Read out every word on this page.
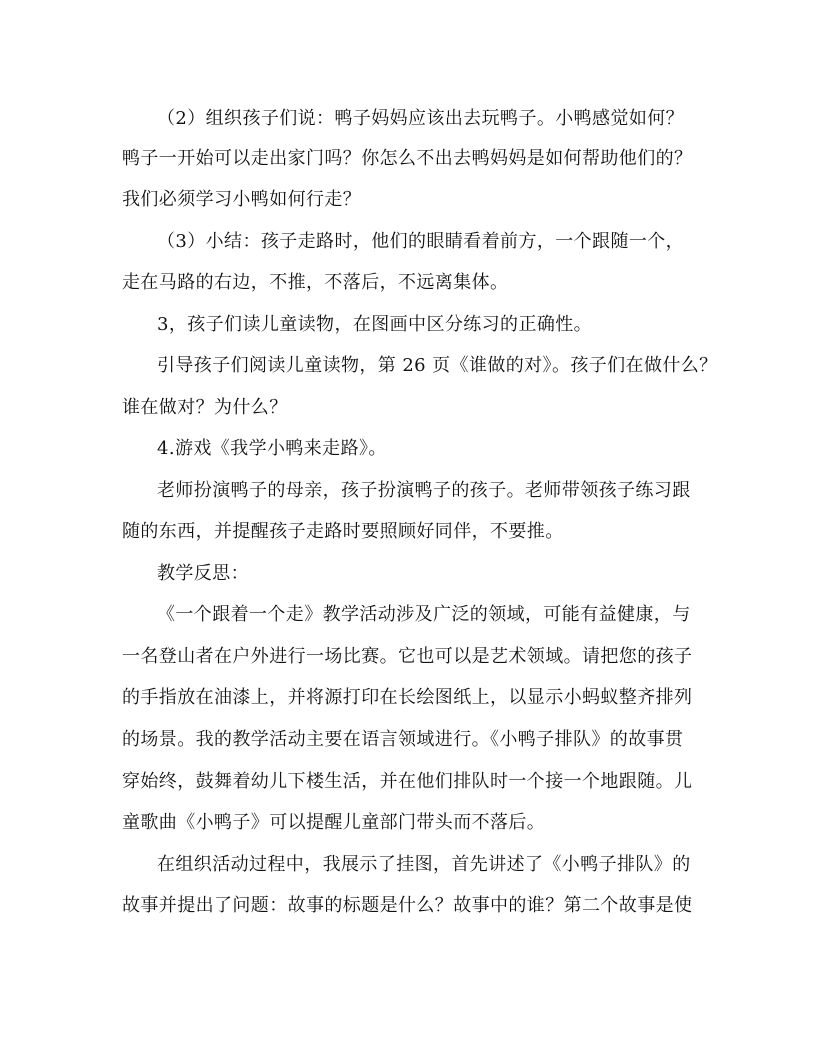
（2）组织孩子们说：鸭子妈妈应该出去玩鸭子。小鸭感觉如何？
鸭子一开始可以走出家门吗？你怎么不出去鸭妈妈是如何帮助他们的？
我们必须学习小鸭如何行走？
（3）小结：孩子走路时，他们的眼睛看着前方，一个跟随一个，
走在马路的右边，不推，不落后，不远离集体。
3，孩子们读儿童读物，在图画中区分练习的正确性。
引导孩子们阅读儿童读物，第 26 页《谁做的对》。孩子们在做什么？
谁在做对？为什么？
4.游戏《我学小鸭来走路》。
老师扮演鸭子的母亲，孩子扮演鸭子的孩子。老师带领孩子练习跟
随的东西，并提醒孩子走路时要照顾好同伴，不要推。
教学反思：
《一个跟着一个走》教学活动涉及广泛的领域，可能有益健康，与
一名登山者在户外进行一场比赛。它也可以是艺术领域。请把您的孩子
的手指放在油漆上，并将源打印在长绘图纸上，以显示小蚂蚁整齐排列
的场景。我的教学活动主要在语言领域进行。《小鸭子排队》的故事贯
穿始终，鼓舞着幼儿下楼生活，并在他们排队时一个接一个地跟随。儿
童歌曲《小鸭子》可以提醒儿童部门带头而不落后。
在组织活动过程中，我展示了挂图，首先讲述了《小鸭子排队》的
故事并提出了问题：故事的标题是什么？故事中的谁？第二个故事是使
